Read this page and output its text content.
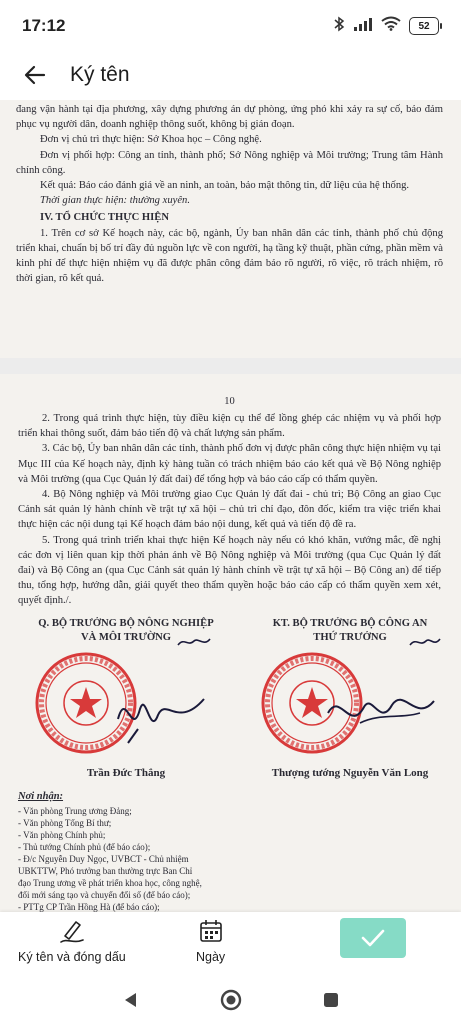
17:12	52
Ký tên

đang vận hành tại địa phương, xây dựng phương án dự phòng, ứng phó khi xảy ra sự cố, bảo đảm phục vụ người dân, doanh nghiệp thông suốt, không bị gián đoạn.

Đơn vị chủ trì thực hiện: Sở Khoa học – Công nghệ.

Đơn vị phối hợp: Công an tỉnh, thành phố; Sở Nông nghiệp và Môi trường; Trung tâm Hành chính công.

Kết quả: Báo cáo đánh giá về an ninh, an toàn, bảo mật thông tin, dữ liệu của hệ thống.

Thời gian thực hiện: thường xuyên.

IV. TỔ CHỨC THỰC HIỆN

1. Trên cơ sở Kế hoạch này, các bộ, ngành, Ủy ban nhân dân các tỉnh, thành phố chủ động triển khai, chuẩn bị bố trí đầy đủ nguồn lực về con người, hạ tầng kỹ thuật, phần cứng, phần mềm và kinh phí để thực hiện nhiệm vụ đã được phân công đảm bảo rõ người, rõ việc, rõ trách nhiệm, rõ thời gian, rõ kết quả.

10

2. Trong quá trình thực hiện, tùy điều kiện cụ thể để lồng ghép các nhiệm vụ và phối hợp triển khai thông suốt, đảm bảo tiến độ và chất lượng sản phẩm.

3. Các bộ, Ủy ban nhân dân các tỉnh, thành phố đơn vị được phân công thực hiện nhiệm vụ tại Mục III của Kế hoạch này, định kỳ hàng tuần có trách nhiệm báo cáo kết quả về Bộ Nông nghiệp và Môi trường (qua Cục Quản lý đất đai) để tổng hợp và báo cáo cấp có thẩm quyền.

4. Bộ Nông nghiệp và Môi trường giao Cục Quản lý đất đai - chủ trì; Bộ Công an giao Cục Cảnh sát quản lý hành chính về trật tự xã hội – chủ trì chỉ đạo, đôn đốc, kiểm tra việc triển khai thực hiện các nội dung tại Kế hoạch đảm bảo nội dung, kết quả và tiến độ đề ra.

5. Trong quá trình triển khai thực hiện Kế hoạch này nếu có khó khăn, vướng mắc, đề nghị các đơn vị liên quan kịp thời phản ánh về Bộ Nông nghiệp và Môi trường (qua Cục Quản lý đất đai) và Bộ Công an (qua Cục Cảnh sát quản lý hành chính về trật tự xã hội – Bộ Công an) để tiếp thu, tổng hợp, hướng dẫn, giải quyết theo thẩm quyền hoặc báo cáo cấp có thẩm quyền xem xét, quyết định./.

Q. BỘ TRƯỞNG BỘ NÔNG NGHIỆP
VÀ MÔI TRƯỜNG
Trần Đức Thắng
KT. BỘ TRƯỞNG BỘ CÔNG AN
THỨ TRƯỞNG
Thượng tướng Nguyễn Văn Long
Nơi nhận:
- Văn phòng Trung ương Đảng;
- Văn phòng Tổng Bí thư;
- Văn phòng Chính phủ;
- Thủ tướng Chính phủ (để báo cáo);
- Đ/c Nguyễn Duy Ngọc, UVBCT - Chủ nhiệm
UBKTTW, Phó trưởng ban thường trực Ban Chỉ
đạo Trung ương về phát triển khoa học, công nghệ,
đổi mới sáng tạo và chuyển đổi số (để báo cáo);
- PTTg CP Trần Hồng Hà (để báo cáo);
Ký tên và đóng dấu	Ngày
